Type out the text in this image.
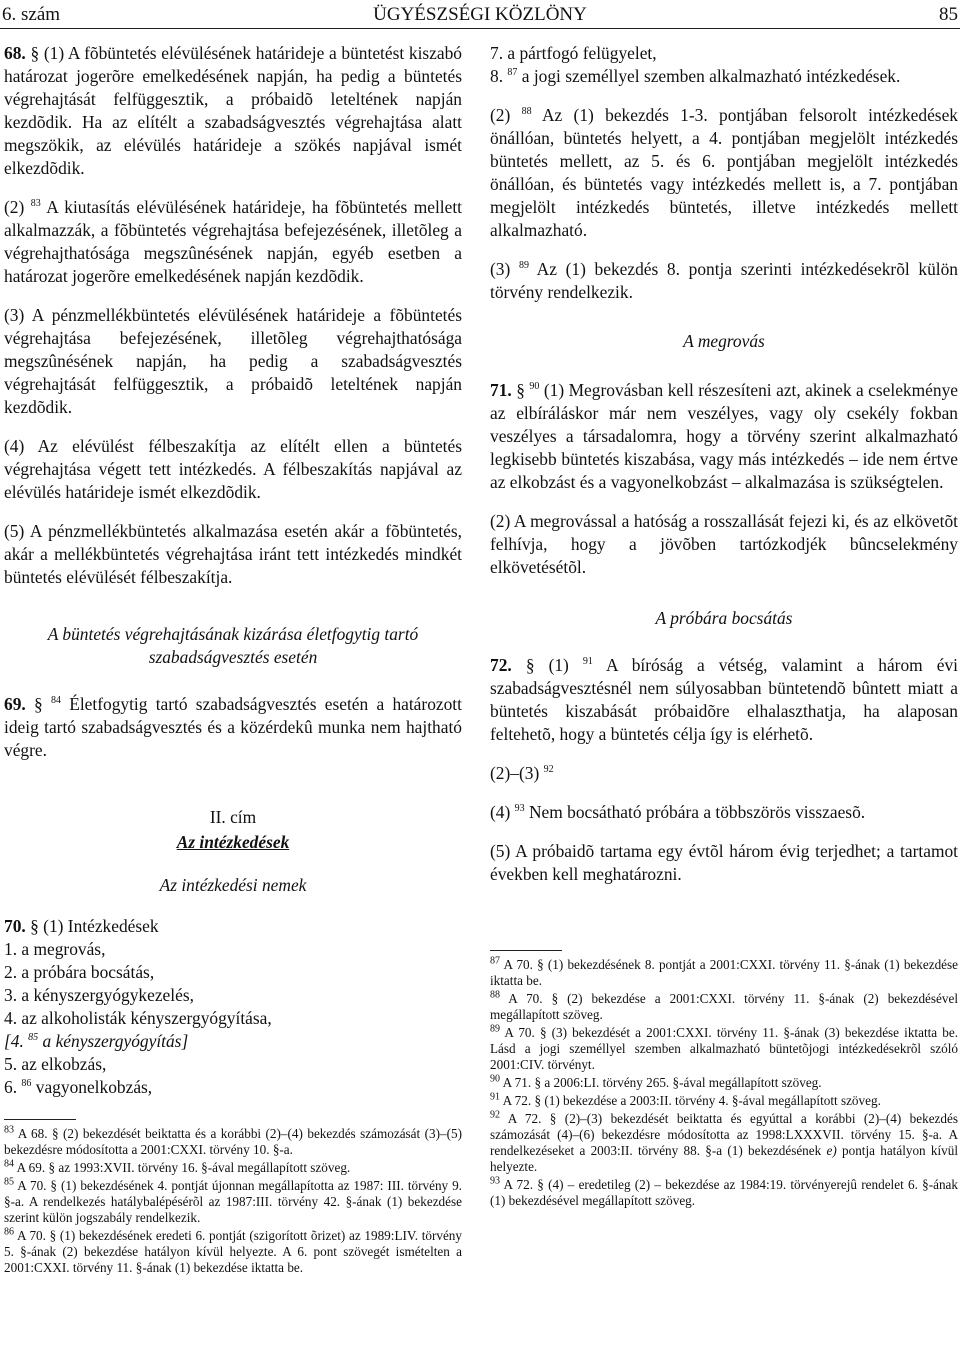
ÜGYÉSZSÉGI KÖZLÖNY
6. szám	85

68. § (1) A fõbüntetés elévülésének határideje a büntetést kiszabó határozat jogerõre emelkedésének napján, ha pedig a büntetés végrehajtását felfüggesztik, a próbaidõ leteltének napján kezdõdik. Ha az elítélt a szabadságvesztés végrehajtása alatt megszökik, az elévülés határideje a szökés napjával ismét elkezdõdik.

(2) $^{83}$ A kiutasítás elévülésének határideje, ha fõbüntetés mellett alkalmazzák, a fõbüntetés végrehajtása befejezésének, illetõleg a végrehajthatósága megszûnésének napján, egyéb esetben a határozat jogerõre emelkedésének napján kezdõdik.

(3) A pénzmellékbüntetés elévülésének határideje a fõbüntetés végrehajtása befejezésének, illetõleg végrehajthatósága megszûnésének napján, ha pedig a szabadságvesztés végrehajtását felfüggesztik, a próbaidõ leteltének napján kezdõdik.

(4) Az elévülést félbeszakítja az elítélt ellen a büntetés végrehajtása végett tett intézkedés. A félbeszakítás napjával az elévülés határideje ismét elkezdõdik.

(5) A pénzmellékbüntetés alkalmazása esetén akár a fõbüntetés, akár a mellékbüntetés végrehajtása iránt tett intézkedés mindkét büntetés elévülését félbeszakítja.

A büntetés végrehajtásának kizárása életfogytig tartó
szabadságvesztés esetén

69. § $^{84}$ Életfogytig tartó szabadságvesztés esetén a határozott ideig tartó szabadságvesztés és a közérdekû munka nem hajtható végre.

II. cím
Az intézkedések
Az intézkedési nemek
70. § (1) Intézkedések
1. a megrovás,
2. a próbára bocsátás,
3. a kényszergyógykezelés,
4. az alkoholisták kényszergyógyítása,
[4. $^{85}$ a kényszergyógyítás]
5. az elkobzás,
6. $^{86}$ vagyonelkobzás,

$^{83}$ A 68. § (2) bekezdését beiktatta és a korábbi (2)–(4) bekezdés számozását (3)–(5) bekezdésre módosította a 2001:CXXI. törvény 10. §-a.

$^{84}$ A 69. § az 1993:XVII. törvény 16. §-ával megállapított szöveg.

$^{85}$ A 70. § (1) bekezdésének 4. pontját újonnan megállapította az 1987: III. törvény 9. §-a. A rendelkezés hatálybalépésérõl az 1987:III. törvény 42. §-ának (1) bekezdése szerint külön jogszabály rendelkezik.

$^{86}$ A 70. § (1) bekezdésének eredeti 6. pontját (szigorított õrizet) az 1989:LIV. törvény 5. §-ának (2) bekezdése hatályon kívül helyezte. A 6. pont szövegét ismételten a 2001:CXXI. törvény 11. §-ának (1) bekezdése iktatta be.

7. a pártfogó felügyelet,

8. $^{87}$ a jogi személlyel szemben alkalmazható intézkedések.

(2) $^{88}$ Az (1) bekezdés 1-3. pontjában felsorolt intézkedések önállóan, büntetés helyett, a 4. pontjában megjelölt intézkedés büntetés mellett, az 5. és 6. pontjában megjelölt intézkedés önállóan, és büntetés vagy intézkedés mellett is, a 7. pontjában megjelölt intézkedés büntetés, illetve intézkedés mellett alkalmazható.

(3) $^{89}$ Az (1) bekezdés 8. pontja szerinti intézkedésekrõl külön törvény rendelkezik.

A megrovás

71. § $^{90}$ (1) Megrovásban kell részesíteni azt, akinek a cselekménye az elbíráláskor már nem veszélyes, vagy oly csekély fokban veszélyes a társadalomra, hogy a törvény szerint alkalmazható legkisebb büntetés kiszabása, vagy más intézkedés – ide nem értve az elkobzást és a vagyonelkobzást – alkalmazása is szükségtelen.

(2) A megrovással a hatóság a rosszallását fejezi ki, és az elkövetõt felhívja, hogy a jövõben tartózkodjék bûncselekmény elkövetésétõl.

A próbára bocsátás

72. § (1) $^{91}$ A bíróság a vétség, valamint a három évi szabadságvesztésnél nem súlyosabban büntetendõ bûntett miatt a büntetés kiszabását próbaidõre elhalaszthatja, ha alaposan feltehetõ, hogy a büntetés célja így is elérhetõ.

(2)–(3) $^{92}$

(4) $^{93}$ Nem bocsátható próbára a többszörös visszaesõ.

(5) A próbaidõ tartama egy évtõl három évig terjedhet; a tartamot években kell meghatározni.

$^{87}$ A 70. § (1) bekezdésének 8. pontját a 2001:CXXI. törvény 11. §-ának (1) bekezdése iktatta be.

$^{88}$ A 70. § (2) bekezdése a 2001:CXXI. törvény 11. §-ának (2) bekezdésével megállapított szöveg.

$^{89}$ A 70. § (3) bekezdését a 2001:CXXI. törvény 11. §-ának (3) bekezdése iktatta be. Lásd a jogi személlyel szemben alkalmazható büntetõjogi intézkedésekrõl szóló 2001:CIV. törvényt.

$^{90}$ A 71. § a 2006:LI. törvény 265. §-ával megállapított szöveg.

$^{91}$ A 72. § (1) bekezdése a 2003:II. törvény 4. §-ával megállapított szöveg.

$^{92}$ A 72. § (2)–(3) bekezdését beiktatta és egyúttal a korábbi (2)–(4) bekezdés számozását (4)–(6) bekezdésre módosította az 1998:LXXXVII. törvény 15. §-a. A rendelkezéseket a 2003:II. törvény 88. §-a (1) bekezdésének e) pontja hatályon kívül helyezte.

$^{93}$ A 72. § (4) – eredetileg (2) – bekezdése az 1984:19. törvényerejû rendelet 6. §-ának (1) bekezdésével megállapított szöveg.
